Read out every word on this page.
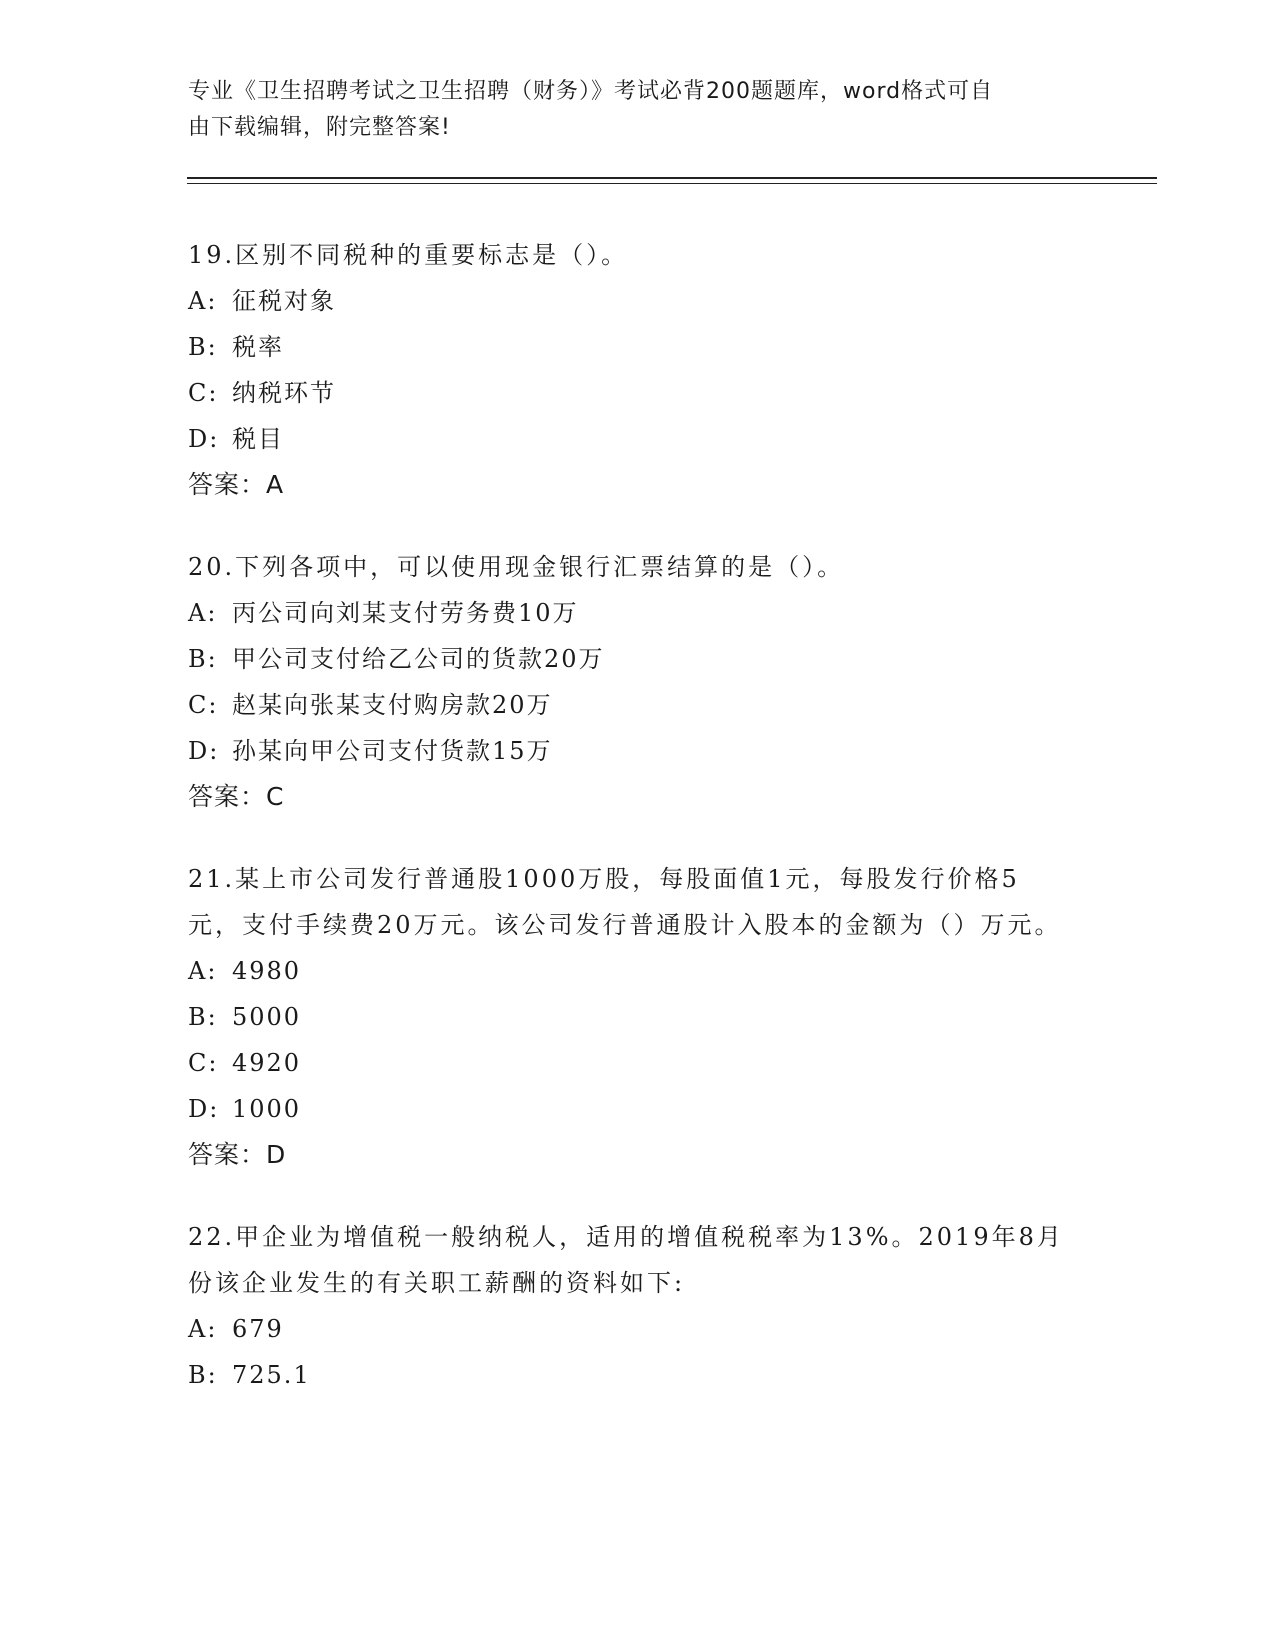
专业《卫生招聘考试之卫生招聘（财务）》考试必背200题题库，word格式可自
由下载编辑，附完整答案!
19.区别不同税种的重要标志是（）。
A: 征税对象
B: 税率
C: 纳税环节
D: 税目
答案：A
20.下列各项中，可以使用现金银行汇票结算的是（）。
A: 丙公司向刘某支付劳务费10万
B: 甲公司支付给乙公司的货款20万
C: 赵某向张某支付购房款20万
D: 孙某向甲公司支付货款15万
答案：C
21.某上市公司发行普通股1000万股，每股面值1元，每股发行价格5元，支付手续费20万元。该公司发行普通股计入股本的金额为（）万元。
A: 4980
B: 5000
C: 4920
D: 1000
答案：D
22.甲企业为增值税一般纳税人，适用的增值税税率为13%。2019年8月份该企业发生的有关职工薪酬的资料如下:
A: 679
B: 725.1
